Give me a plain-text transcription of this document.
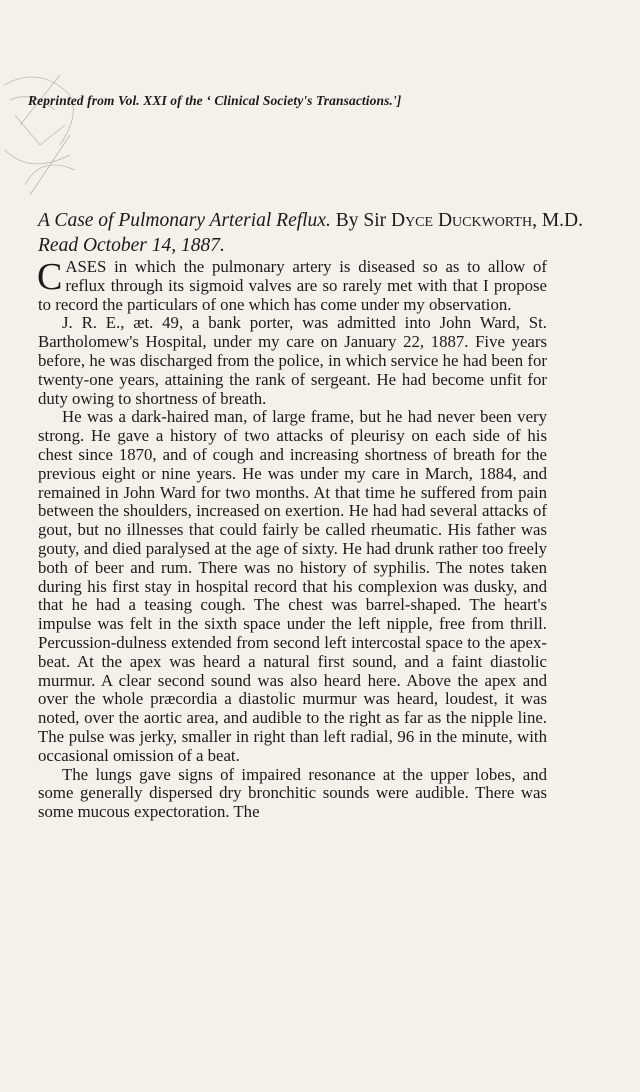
Reprinted from Vol. XXI of the ‘ Clinical Society's Transactions.']
A Case of Pulmonary Arterial Reflux. By Sir Dyce Duckworth, M.D. Read October 14, 1887.

CASES in which the pulmonary artery is diseased so as to allow of reflux through its sigmoid valves are so rarely met with that I propose to record the particulars of one which has come under my observation.

J. R. E., æt. 49, a bank porter, was admitted into John Ward, St. Bartholomew's Hospital, under my care on January 22, 1887. Five years before, he was discharged from the police, in which service he had been for twenty-one years, attaining the rank of sergeant. He had become unfit for duty owing to shortness of breath.

He was a dark-haired man, of large frame, but he had never been very strong. He gave a history of two attacks of pleurisy on each side of his chest since 1870, and of cough and increasing shortness of breath for the previous eight or nine years. He was under my care in March, 1884, and remained in John Ward for two months. At that time he suffered from pain between the shoulders, increased on exertion. He had had several attacks of gout, but no illnesses that could fairly be called rheumatic. His father was gouty, and died paralysed at the age of sixty. He had drunk rather too freely both of beer and rum. There was no history of syphilis. The notes taken during his first stay in hospital record that his complexion was dusky, and that he had a teasing cough. The chest was barrel-shaped. The heart's impulse was felt in the sixth space under the left nipple, free from thrill. Percussion-dulness extended from second left intercostal space to the apex-beat. At the apex was heard a natural first sound, and a faint diastolic murmur. A clear second sound was also heard here. Above the apex and over the whole præcordia a diastolic murmur was heard, loudest, it was noted, over the aortic area, and audible to the right as far as the nipple line. The pulse was jerky, smaller in right than left radial, 96 in the minute, with occasional omission of a beat.

The lungs gave signs of impaired resonance at the upper lobes, and some generally dispersed dry bronchitic sounds were audible. There was some mucous expectoration. The
